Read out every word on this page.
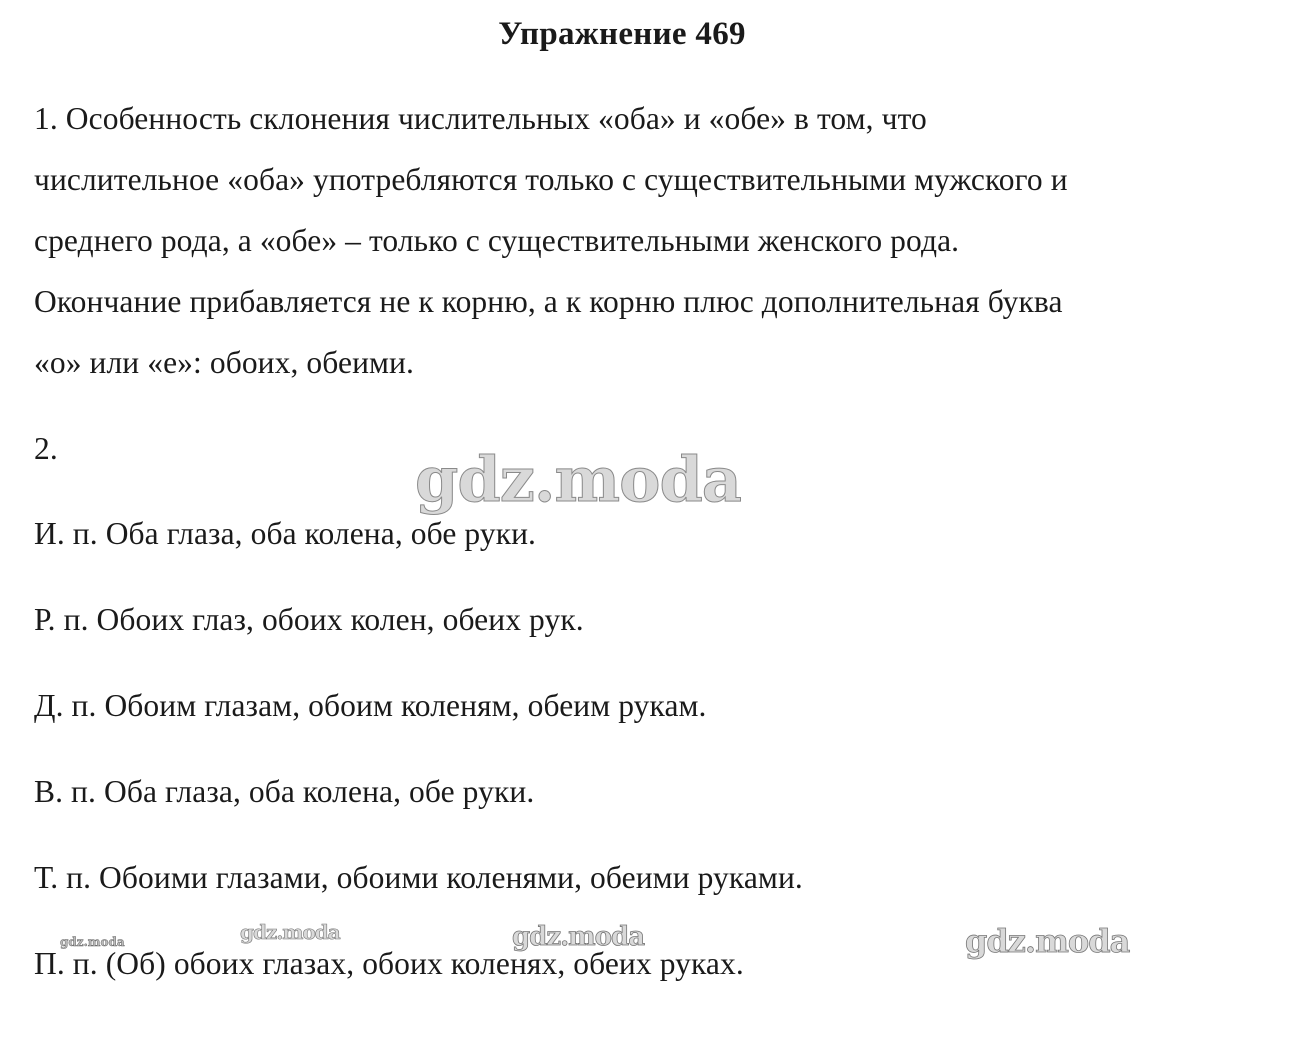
Упражнение 469
1. Особенность склонения числительных «оба» и «обе» в том, что
числительное «оба» употребляются только с существительными мужского и
среднего рода, а «обе» – только с существительными женского рода.
Окончание прибавляется не к корню, а к корню плюс дополнительная буква
«о» или «е»: обоих, обеими.
2.
И. п. Оба глаза, оба колена, обе руки.
Р. п. Обоих глаз, обоих колен, обеих рук.
Д. п. Обоим глазам, обоим коленям, обеим рукам.
В. п. Оба глаза, оба колена, обе руки.
Т. п. Обоими глазами, обоими коленями, обеими руками.
П. п. (Об) обоих глазах, обоих коленях, обеих руках.
gdz.moda
gdz.moda	gdz.moda	gdz.moda	gdz.moda
